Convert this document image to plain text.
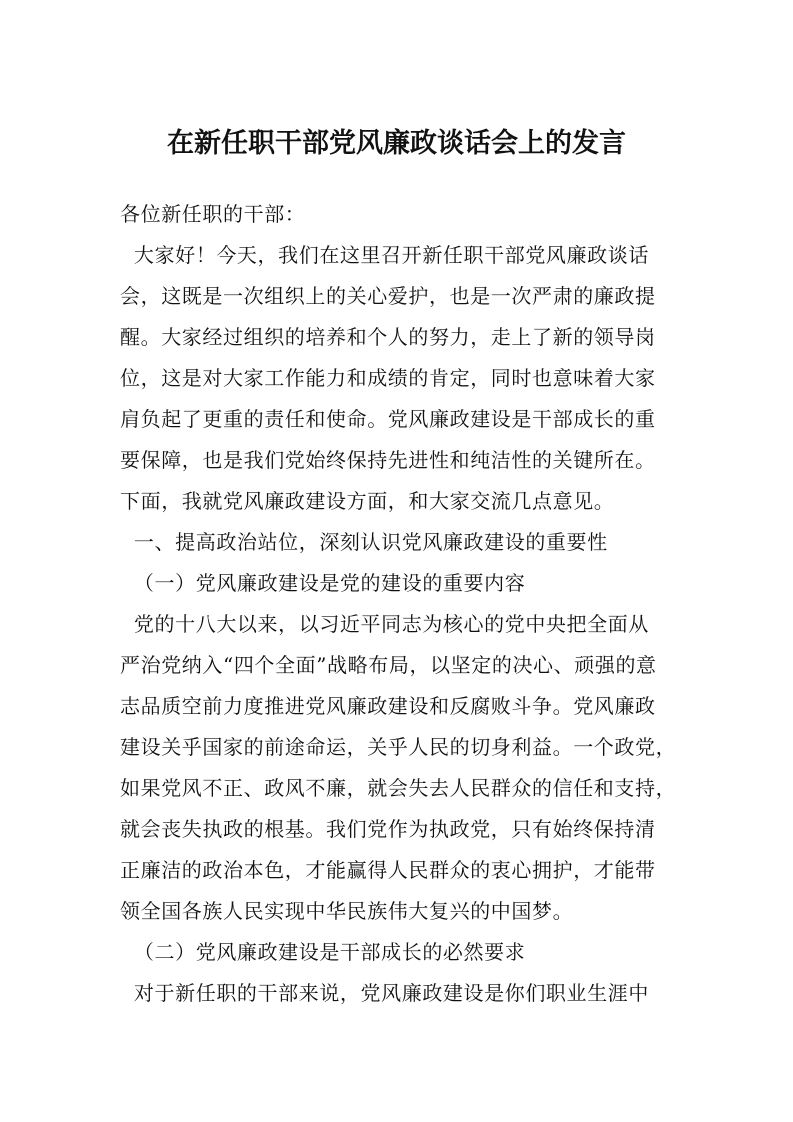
在新任职干部党风廉政谈话会上的发言
各位新任职的干部：
大家好！今天，我们在这里召开新任职干部党风廉政谈话
会，这既是一次组织上的关心爱护，也是一次严肃的廉政提
醒。大家经过组织的培养和个人的努力，走上了新的领导岗
位，这是对大家工作能力和成绩的肯定，同时也意味着大家
肩负起了更重的责任和使命。党风廉政建设是干部成长的重
要保障，也是我们党始终保持先进性和纯洁性的关键所在。
下面，我就党风廉政建设方面，和大家交流几点意见。
一、提高政治站位，深刻认识党风廉政建设的重要性
（一）党风廉政建设是党的建设的重要内容
党的十八大以来，以习近平同志为核心的党中央把全面从
严治党纳入“四个全面”战略布局，以坚定的决心、顽强的意
志品质空前力度推进党风廉政建设和反腐败斗争。党风廉政
建设关乎国家的前途命运，关乎人民的切身利益。一个政党，
如果党风不正、政风不廉，就会失去人民群众的信任和支持，
就会丧失执政的根基。我们党作为执政党，只有始终保持清
正廉洁的政治本色，才能赢得人民群众的衷心拥护，才能带
领全国各族人民实现中华民族伟大复兴的中国梦。
（二）党风廉政建设是干部成长的必然要求
对于新任职的干部来说，党风廉政建设是你们职业生涯中
